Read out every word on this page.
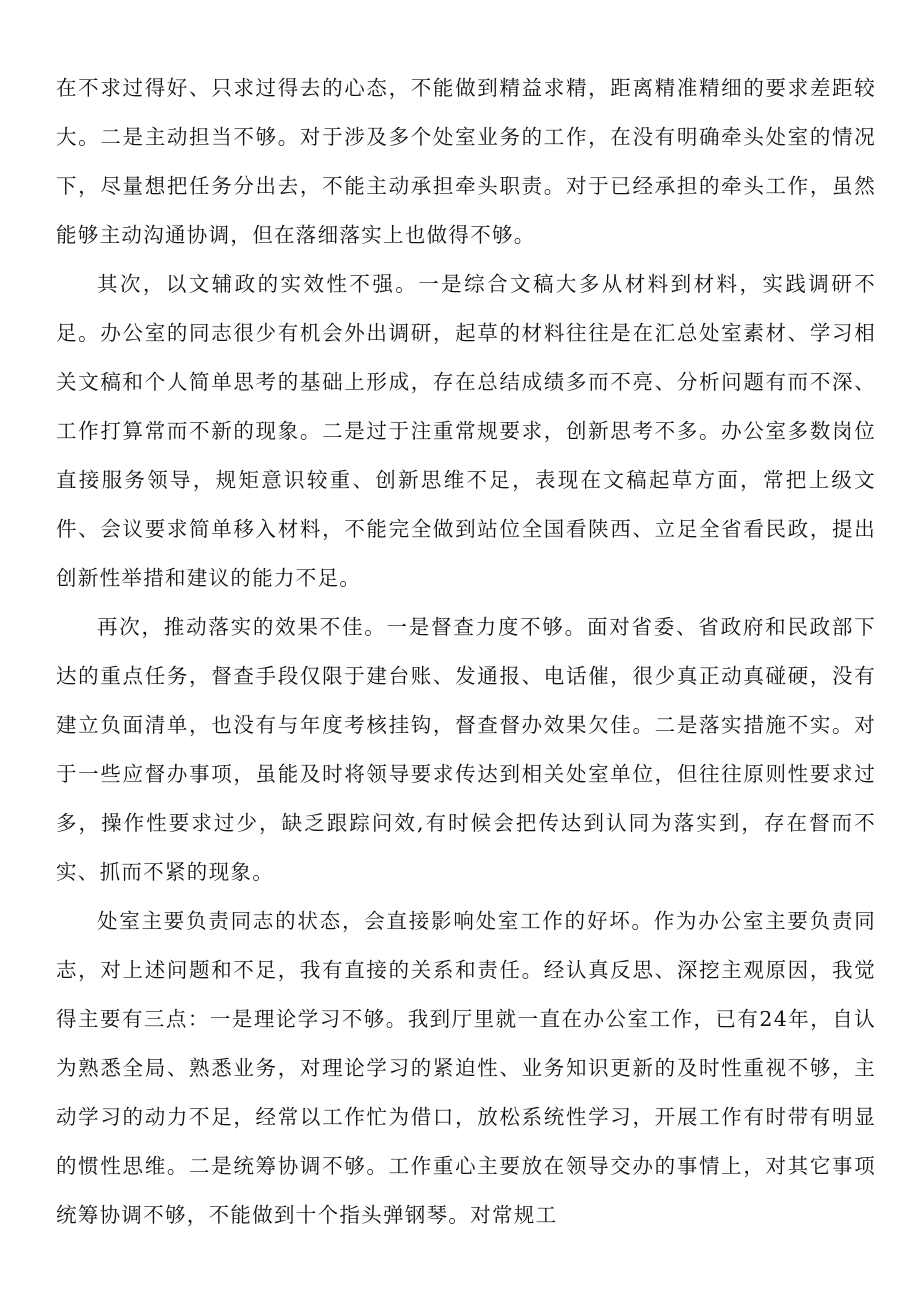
在不求过得好、只求过得去的心态，不能做到精益求精，距离精准精细的要求差距较大。二是主动担当不够。对于涉及多个处室业务的工作，在没有明确牵头处室的情况下，尽量想把任务分出去，不能主动承担牵头职责。对于已经承担的牵头工作，虽然能够主动沟通协调，但在落细落实上也做得不够。

其次，以文辅政的实效性不强。一是综合文稿大多从材料到材料，实践调研不足。办公室的同志很少有机会外出调研，起草的材料往往是在汇总处室素材、学习相关文稿和个人简单思考的基础上形成，存在总结成绩多而不亮、分析问题有而不深、工作打算常而不新的现象。二是过于注重常规要求，创新思考不多。办公室多数岗位直接服务领导，规矩意识较重、创新思维不足，表现在文稿起草方面，常把上级文件、会议要求简单移入材料，不能完全做到站位全国看陕西、立足全省看民政，提出创新性举措和建议的能力不足。

再次，推动落实的效果不佳。一是督查力度不够。面对省委、省政府和民政部下达的重点任务，督查手段仅限于建台账、发通报、电话催，很少真正动真碰硬，没有建立负面清单，也没有与年度考核挂钩，督查督办效果欠佳。二是落实措施不实。对于一些应督办事项，虽能及时将领导要求传达到相关处室单位，但往往原则性要求过多，操作性要求过少，缺乏跟踪问效,有时候会把传达到认同为落实到，存在督而不实、抓而不紧的现象。

处室主要负责同志的状态，会直接影响处室工作的好坏。作为办公室主要负责同志，对上述问题和不足，我有直接的关系和责任。经认真反思、深挖主观原因，我觉得主要有三点：一是理论学习不够。我到厅里就一直在办公室工作，已有24年，自认为熟悉全局、熟悉业务，对理论学习的紧迫性、业务知识更新的及时性重视不够，主动学习的动力不足，经常以工作忙为借口，放松系统性学习，开展工作有时带有明显的惯性思维。二是统筹协调不够。工作重心主要放在领导交办的事情上，对其它事项统筹协调不够，不能做到十个指头弹钢琴。对常规工
